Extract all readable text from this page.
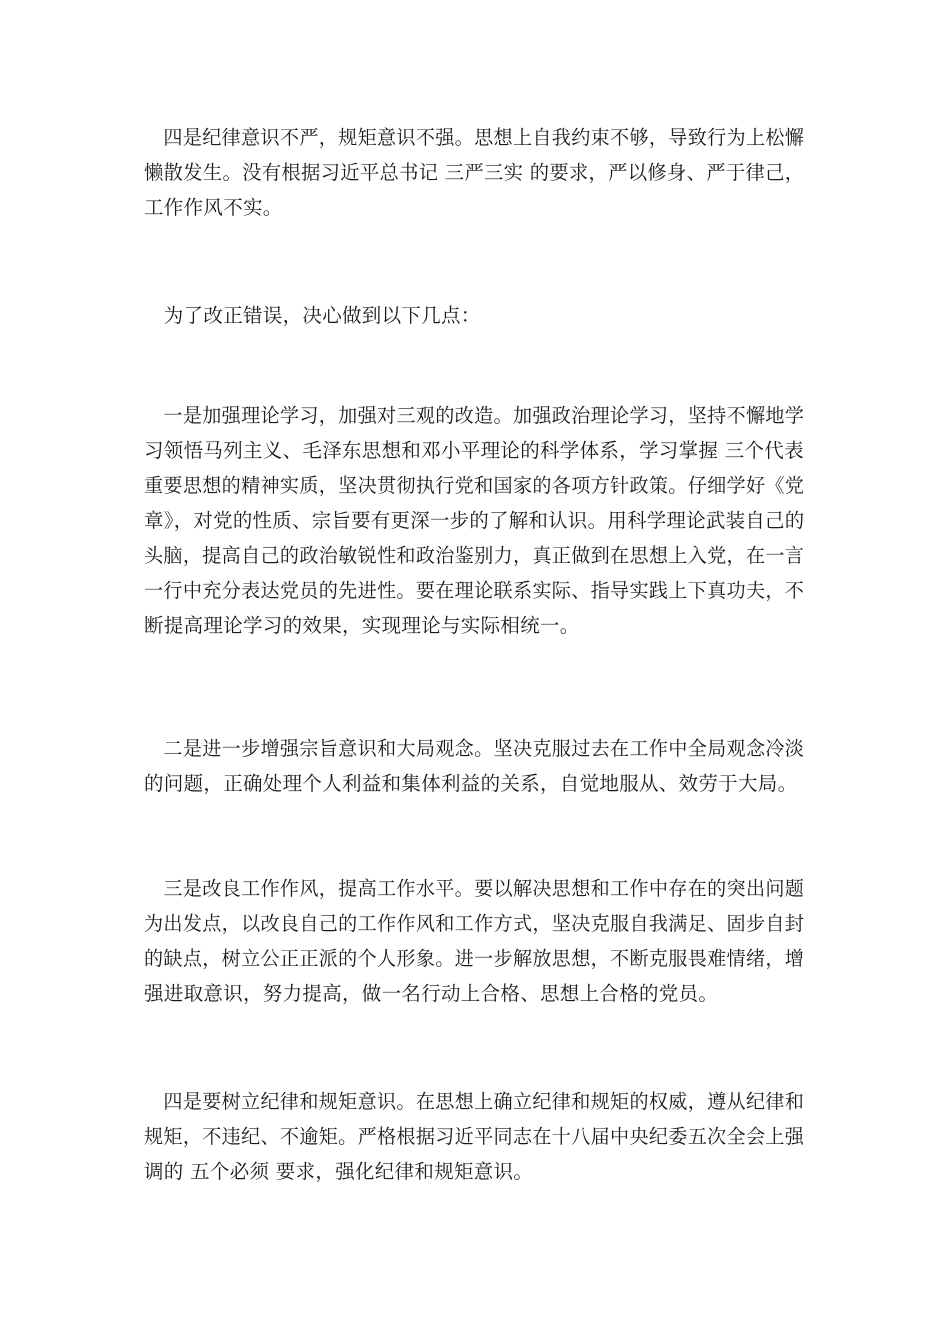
　四是纪律意识不严，规矩意识不强。思想上自我约束不够，导致行为上松懈
懒散发生。没有根据习近平总书记 三严三实 的要求，严以修身、严于律己，
工作作风不实。

　为了改正错误，决心做到以下几点：

　一是加强理论学习，加强对三观的改造。加强政治理论学习，坚持不懈地学
习领悟马列主义、毛泽东思想和邓小平理论的科学体系，学习掌握 三个代表
重要思想的精神实质，坚决贯彻执行党和国家的各项方针政策。仔细学好《党
章》，对党的性质、宗旨要有更深一步的了解和认识。用科学理论武装自己的
头脑，提高自己的政治敏锐性和政治鉴别力，真正做到在思想上入党，在一言
一行中充分表达党员的先进性。要在理论联系实际、指导实践上下真功夫，不
断提高理论学习的效果，实现理论与实际相统一。

　二是进一步增强宗旨意识和大局观念。坚决克服过去在工作中全局观念冷淡
的问题，正确处理个人利益和集体利益的关系，自觉地服从、效劳于大局。

　三是改良工作作风，提高工作水平。要以解决思想和工作中存在的突出问题
为出发点，以改良自己的工作作风和工作方式，坚决克服自我满足、固步自封
的缺点，树立公正正派的个人形象。进一步解放思想，不断克服畏难情绪，增
强进取意识，努力提高，做一名行动上合格、思想上合格的党员。

　四是要树立纪律和规矩意识。在思想上确立纪律和规矩的权威，遵从纪律和
规矩，不违纪、不逾矩。严格根据习近平同志在十八届中央纪委五次全会上强
调的 五个必须 要求，强化纪律和规矩意识。
